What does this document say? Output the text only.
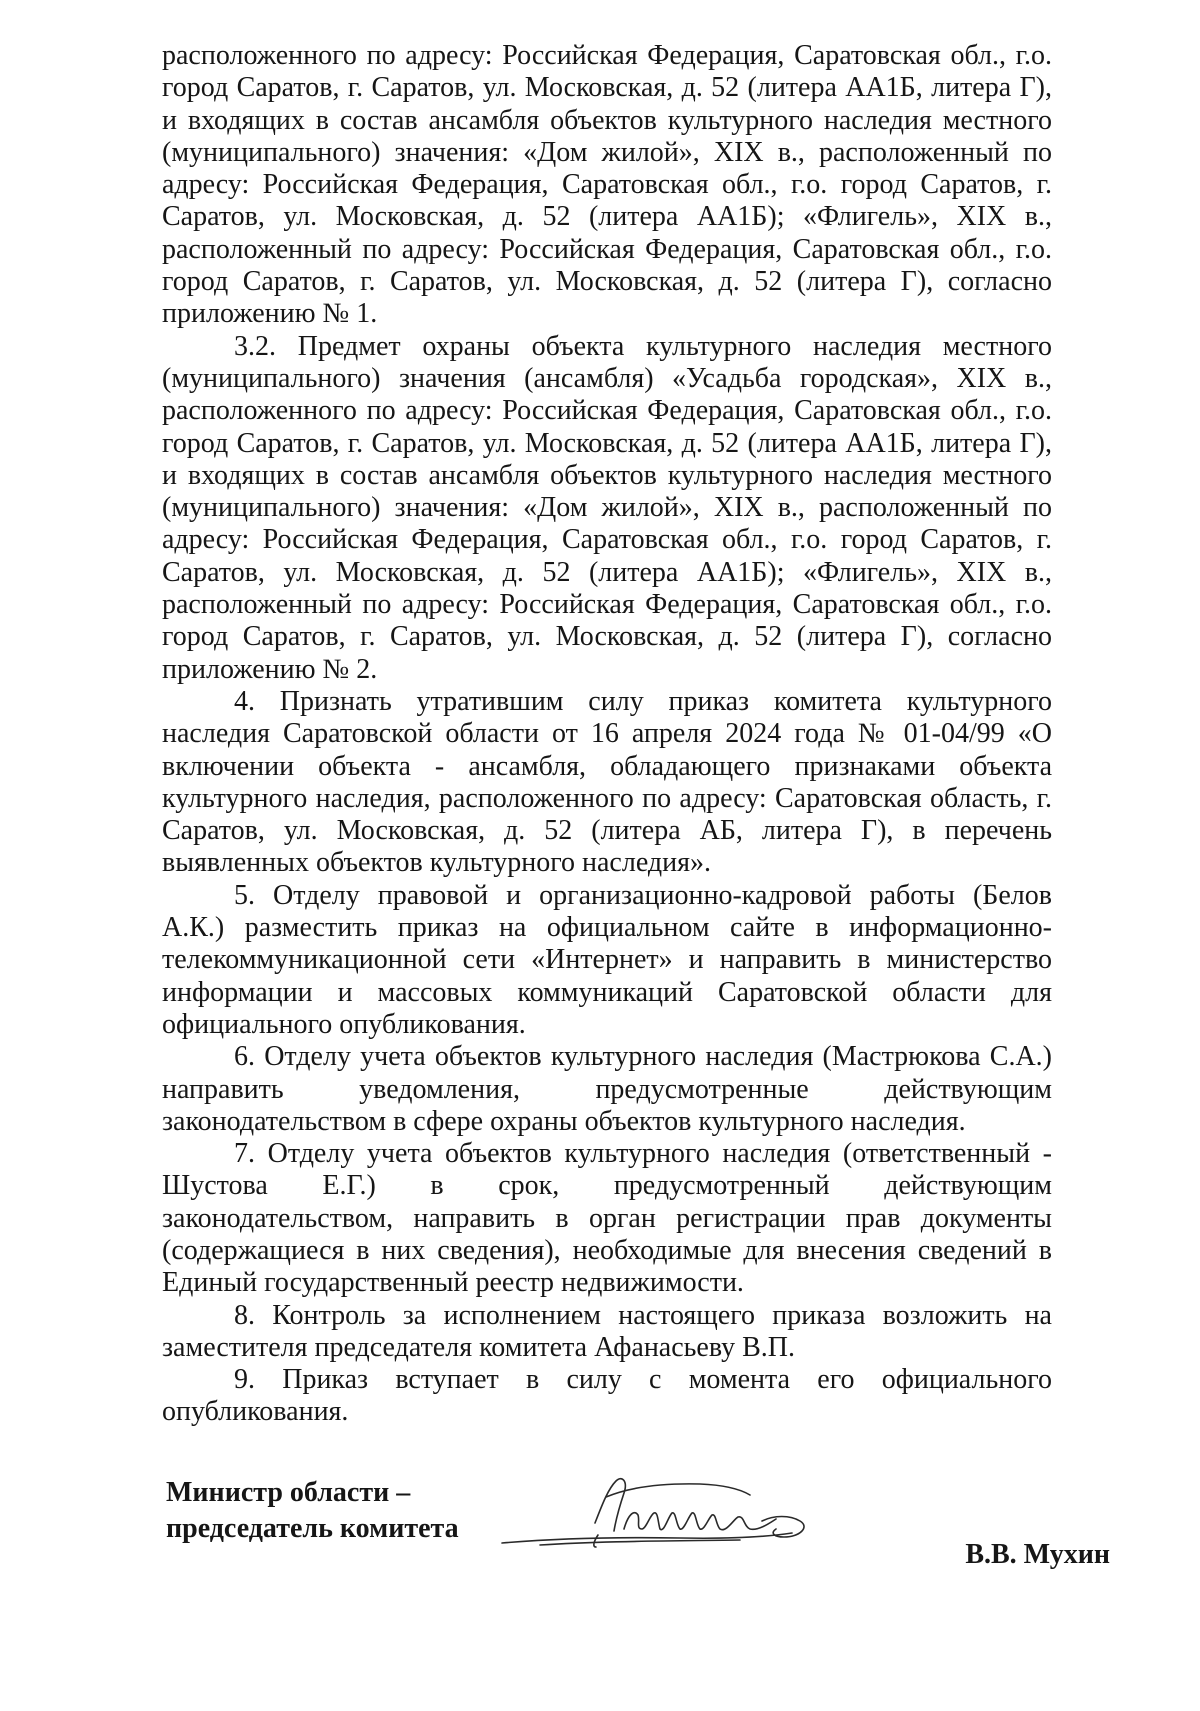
расположенного по адресу: Российская Федерация, Саратовская обл., г.о. город Саратов, г. Саратов, ул. Московская, д. 52 (литера АА1Б, литера Г), и входящих в состав ансамбля объектов культурного наследия местного (муниципального) значения: «Дом жилой», XIX в., расположенный по адресу: Российская Федерация, Саратовская обл., г.о. город Саратов, г. Саратов, ул. Московская, д. 52 (литера АА1Б); «Флигель», XIX в., расположенный по адресу: Российская Федерация, Саратовская обл., г.о. город Саратов, г. Саратов, ул. Московская, д. 52 (литера Г), согласно приложению № 1.

3.2. Предмет охраны объекта культурного наследия местного (муниципального) значения (ансамбля) «Усадьба городская», XIX в., расположенного по адресу: Российская Федерация, Саратовская обл., г.о. город Саратов, г. Саратов, ул. Московская, д. 52 (литера АА1Б, литера Г), и входящих в состав ансамбля объектов культурного наследия местного (муниципального) значения: «Дом жилой», XIX в., расположенный по адресу: Российская Федерация, Саратовская обл., г.о. город Саратов, г. Саратов, ул. Московская, д. 52 (литера АА1Б); «Флигель», XIX в., расположенный по адресу: Российская Федерация, Саратовская обл., г.о. город Саратов, г. Саратов, ул. Московская, д. 52 (литера Г), согласно приложению № 2.

4. Признать утратившим силу приказ комитета культурного наследия Саратовской области от 16 апреля 2024 года № 01-04/99 «О включении объекта - ансамбля, обладающего признаками объекта культурного наследия, расположенного по адресу: Саратовская область, г. Саратов, ул. Московская, д. 52 (литера АБ, литера Г), в перечень выявленных объектов культурного наследия».

5. Отделу правовой и организационно-кадровой работы (Белов А.К.) разместить приказ на официальном сайте в информационно-телекоммуникационной сети «Интернет» и направить в министерство информации и массовых коммуникаций Саратовской области для официального опубликования.

6. Отделу учета объектов культурного наследия (Мастрюкова С.А.) направить уведомления, предусмотренные действующим законодательством в сфере охраны объектов культурного наследия.

7. Отделу учета объектов культурного наследия (ответственный - Шустова Е.Г.) в срок, предусмотренный действующим законодательством, направить в орган регистрации прав документы (содержащиеся в них сведения), необходимые для внесения сведений в Единый государственный реестр недвижимости.

8. Контроль за исполнением настоящего приказа возложить на заместителя председателя комитета Афанасьеву В.П.

9. Приказ вступает в силу с момента его официального опубликования.

Министр области –
председатель комитета
В.В. Мухин
